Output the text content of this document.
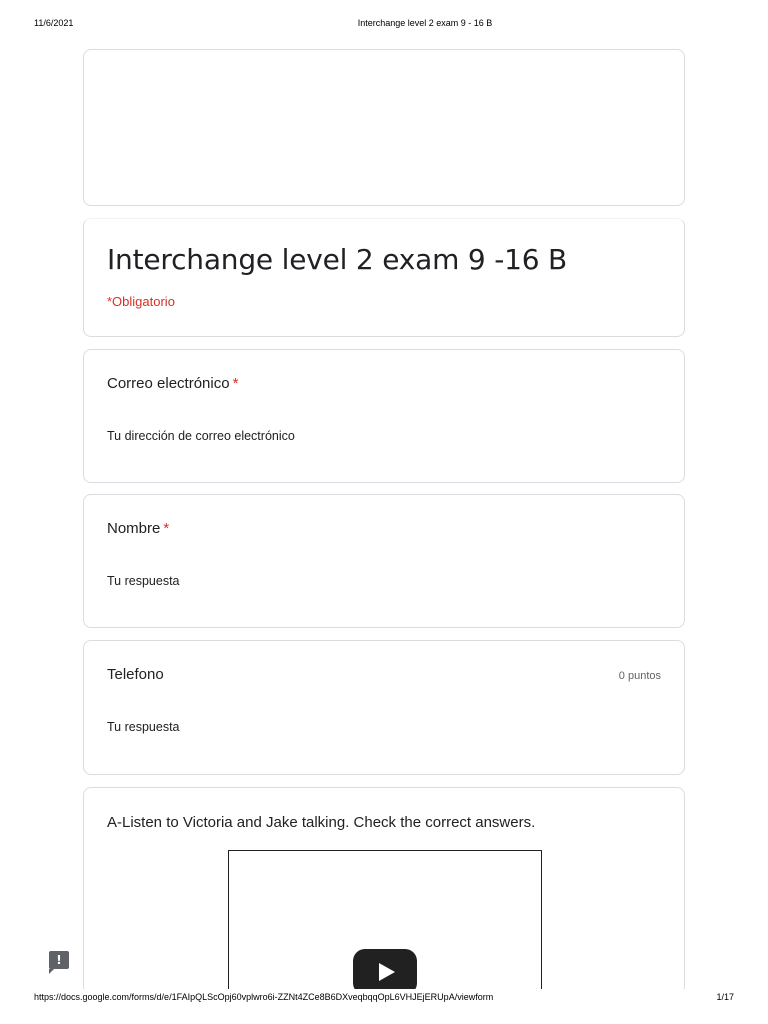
11/6/2021	Interchange level 2 exam 9 - 16 B
Interchange level 2 exam 9 -16 B
*Obligatorio
Correo electrónico *
Tu dirección de correo electrónico
Nombre *
Tu respuesta
Telefono	0 puntos
Tu respuesta
A-Listen to Victoria and Jake talking. Check the correct answers.
!
https://docs.google.com/forms/d/e/1FAIpQLScOpj60vplwro6i-ZZNt4ZCe8B6DXveqbqqOpL6VHJEjERUpA/viewform	1/17
